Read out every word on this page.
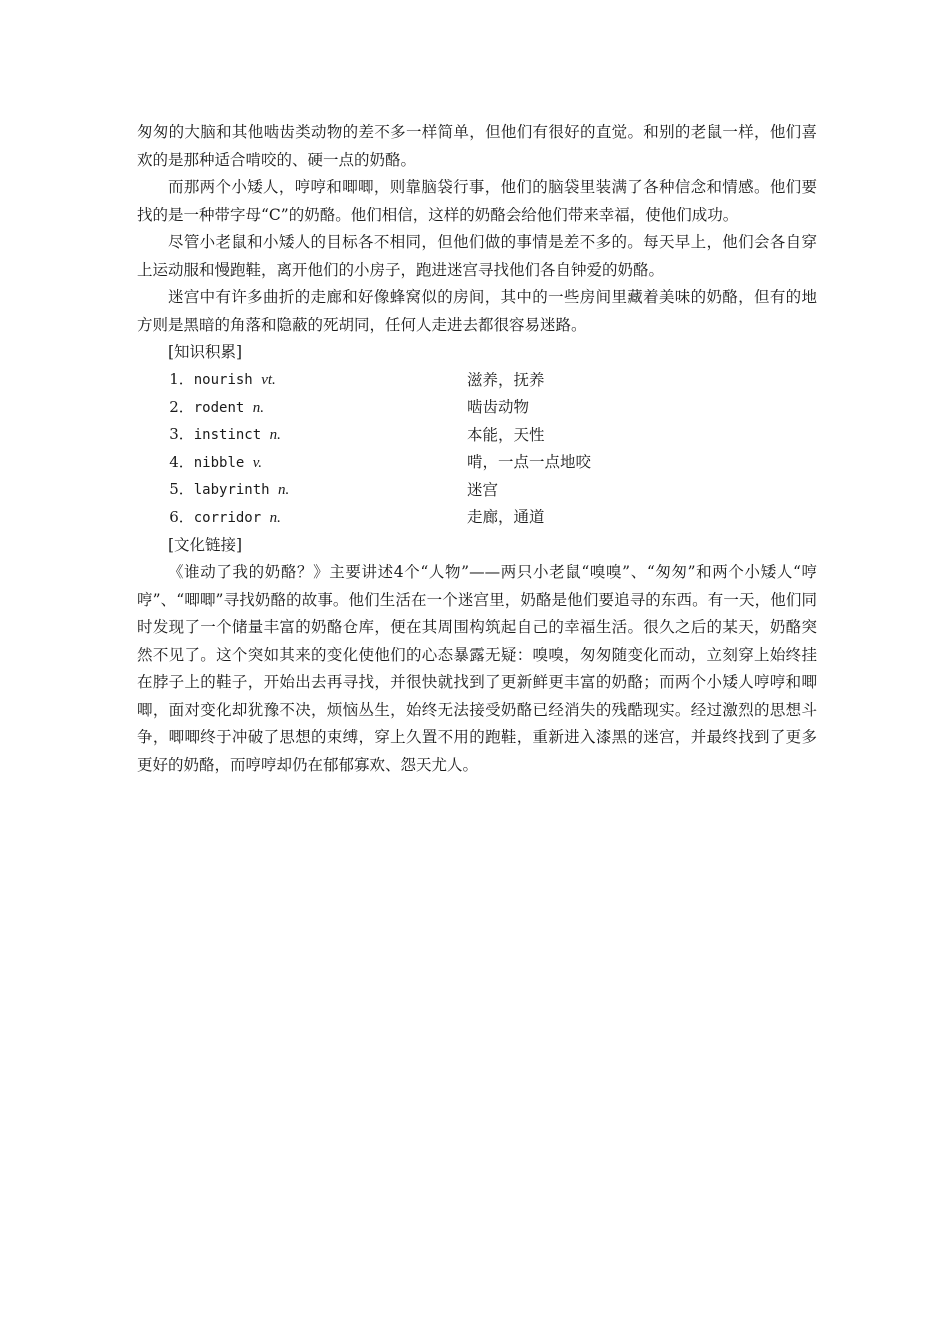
匆匆的大脑和其他啮齿类动物的差不多一样简单，但他们有很好的直觉。和别的老鼠一样，他们喜欢的是那种适合啃咬的、硬一点的奶酪。

而那两个小矮人，哼哼和唧唧，则靠脑袋行事，他们的脑袋里装满了各种信念和情感。他们要找的是一种带字母“C”的奶酪。他们相信，这样的奶酪会给他们带来幸福，使他们成功。

尽管小老鼠和小矮人的目标各不相同，但他们做的事情是差不多的。每天早上，他们会各自穿上运动服和慢跑鞋，离开他们的小房子，跑进迷宫寻找他们各自钟爱的奶酪。

迷宫中有许多曲折的走廊和好像蜂窝似的房间，其中的一些房间里藏着美味的奶酪，但有的地方则是黑暗的角落和隐蔽的死胡同，任何人走进去都很容易迷路。

[知识积累]

1．nourish vt.	滋养，抚养
2．rodent n.	啮齿动物
3．instinct n.	本能，天性
4．nibble v.	啃，一点一点地咬
5．labyrinth n.	迷宫
6．corridor n.	走廊，通道

[文化链接]

《谁动了我的奶酪？》主要讲述4个“人物”——两只小老鼠“嗅嗅”、“匆匆”和两个小矮人“哼哼”、“唧唧”寻找奶酪的故事。他们生活在一个迷宫里，奶酪是他们要追寻的东西。有一天，他们同时发现了一个储量丰富的奶酪仓库，便在其周围构筑起自己的幸福生活。很久之后的某天，奶酪突然不见了。这个突如其来的变化使他们的心态暴露无疑：嗅嗅，匆匆随变化而动，立刻穿上始终挂在脖子上的鞋子，开始出去再寻找，并很快就找到了更新鲜更丰富的奶酪；而两个小矮人哼哼和唧唧，面对变化却犹豫不决，烦恼丛生，始终无法接受奶酪已经消失的残酷现实。经过激烈的思想斗争，唧唧终于冲破了思想的束缚，穿上久置不用的跑鞋，重新进入漆黑的迷宫，并最终找到了更多更好的奶酪，而哼哼却仍在郁郁寡欢、怨天尤人。
